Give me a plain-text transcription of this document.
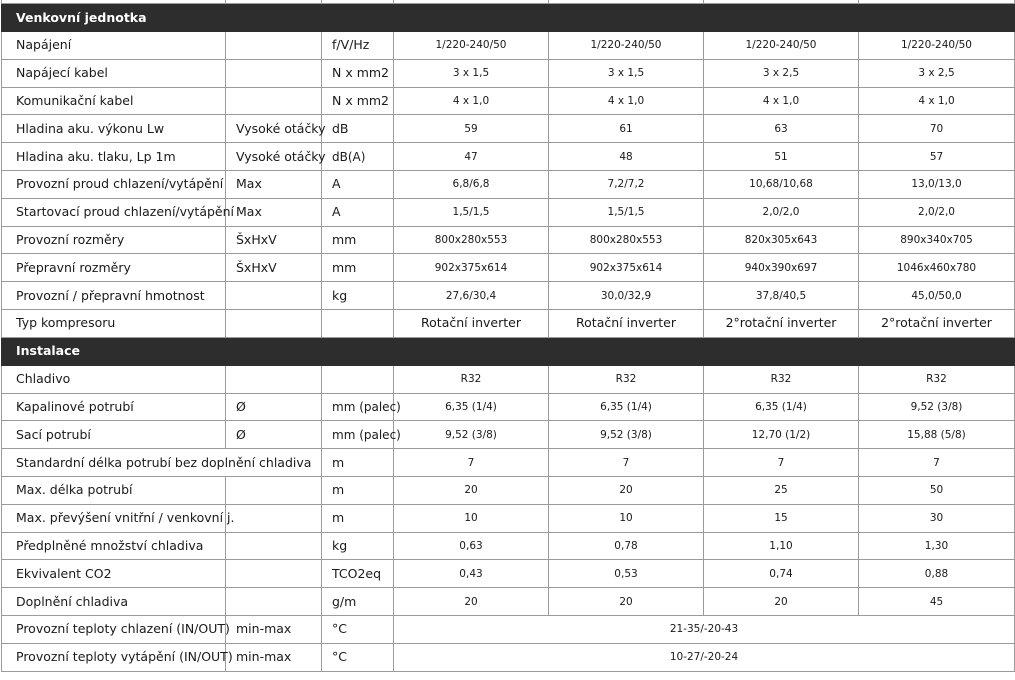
Venkovní jednotka						
Napájení		f/V/Hz	1/220-240/50	1/220-240/50	1/220-240/50	1/220-240/50
Napájecí kabel		N x mm2	3 x 1,5	3 x 1,5	3 x 2,5	3 x 2,5
Komunikační kabel		N x mm2	4 x 1,0	4 x 1,0	4 x 1,0	4 x 1,0
Hladina aku. výkonu Lw	Vysoké otáčky	dB	59	61	63	70
Hladina aku. tlaku, Lp 1m	Vysoké otáčky	dB(A)	47	48	51	57
Provozní proud chlazení/vytápění	Max	A	6,8/6,8	7,2/7,2	10,68/10,68	13,0/13,0
Startovací proud chlazení/vytápění	Max	A	1,5/1,5	1,5/1,5	2,0/2,0	2,0/2,0
Provozní rozměry	ŠxHxV	mm	800x280x553	800x280x553	820x305x643	890x340x705
Přepravní rozměry	ŠxHxV	mm	902x375x614	902x375x614	940x390x697	1046x460x780
Provozní / přepravní hmotnost		kg	27,6/30,4	30,0/32,9	37,8/40,5	45,0/50,0
Typ kompresoru			Rotační inverter	Rotační inverter	2°rotační inverter	2°rotační inverter
Instalace						
Chladivo			R32	R32	R32	R32
Kapalinové potrubí	Ø	mm (palec)	6,35 (1/4)	6,35 (1/4)	6,35 (1/4)	9,52 (3/8)
Sací potrubí	Ø	mm (palec)	9,52 (3/8)	9,52 (3/8)	12,70 (1/2)	15,88 (5/8)
Standardní délka potrubí bez doplnění chladiva		m	7	7	7	7
Max. délka potrubí		m	20	20	25	50
Max. převýšení vnitřní / venkovní j.		m	10	10	15	30
Předplněné množství chladiva		kg	0,63	0,78	1,10	1,30
Ekvivalent CO2		TCO2eq	0,43	0,53	0,74	0,88
Doplnění chladiva		g/m	20	20	20	45
Provozní teploty chlazení (IN/OUT)	min-max	°C	21-35/-20-43			
Provozní teploty vytápění (IN/OUT)	min-max	°C	10-27/-20-24			
